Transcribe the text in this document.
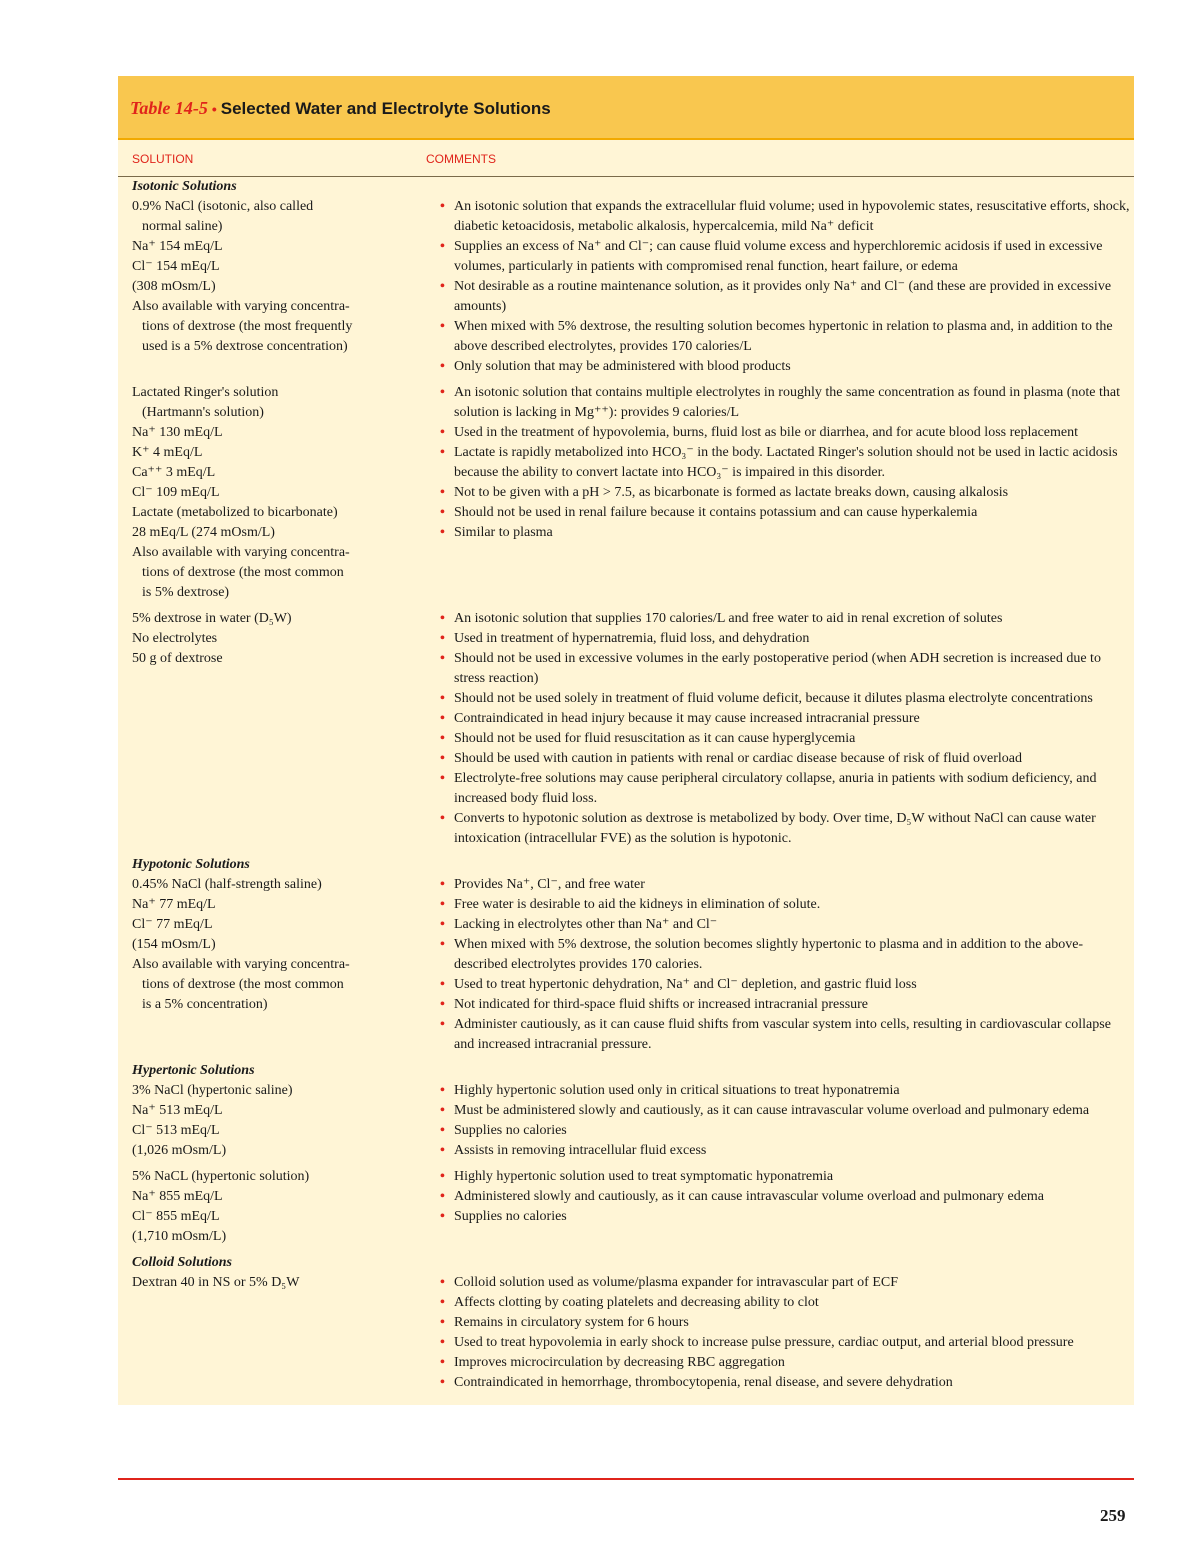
Table 14-5 • Selected Water and Electrolyte Solutions
SOLUTION	COMMENTS
Isotonic Solutions
0.9% NaCl (isotonic, also called
normal saline)
Na⁺ 154 mEq/L
Cl⁻ 154 mEq/L
(308 mOsm/L)
Also available with varying concentra-
tions of dextrose (the most frequently
used is a 5% dextrose concentration)
• An isotonic solution that expands the extracellular fluid volume; used in hypovolemic states, resuscitative efforts, shock, diabetic ketoacidosis, metabolic alkalosis, hypercalcemia, mild Na⁺ deficit
• Supplies an excess of Na⁺ and Cl⁻; can cause fluid volume excess and hyperchloremic acidosis if used in excessive volumes, particularly in patients with compromised renal function, heart failure, or edema
• Not desirable as a routine maintenance solution, as it provides only Na⁺ and Cl⁻ (and these are provided in excessive amounts)
• When mixed with 5% dextrose, the resulting solution becomes hypertonic in relation to plasma and, in addition to the above described electrolytes, provides 170 calories/L
• Only solution that may be administered with blood products
Lactated Ringer's solution
(Hartmann's solution)
Na⁺ 130 mEq/L
K⁺ 4 mEq/L
Ca⁺⁺ 3 mEq/L
Cl⁻ 109 mEq/L
Lactate (metabolized to bicarbonate)
28 mEq/L (274 mOsm/L)
Also available with varying concentra-
tions of dextrose (the most common
is 5% dextrose)
• An isotonic solution that contains multiple electrolytes in roughly the same concentration as found in plasma (note that solution is lacking in Mg⁺⁺): provides 9 calories/L
• Used in the treatment of hypovolemia, burns, fluid lost as bile or diarrhea, and for acute blood loss replacement
• Lactate is rapidly metabolized into HCO₃⁻ in the body. Lactated Ringer's solution should not be used in lactic acidosis because the ability to convert lactate into HCO₃⁻ is impaired in this disorder.
• Not to be given with a pH > 7.5, as bicarbonate is formed as lactate breaks down, causing alkalosis
• Should not be used in renal failure because it contains potassium and can cause hyperkalemia
• Similar to plasma
5% dextrose in water (D₅W)
No electrolytes
50 g of dextrose
• An isotonic solution that supplies 170 calories/L and free water to aid in renal excretion of solutes
• Used in treatment of hypernatremia, fluid loss, and dehydration
• Should not be used in excessive volumes in the early postoperative period (when ADH secretion is increased due to stress reaction)
• Should not be used solely in treatment of fluid volume deficit, because it dilutes plasma electrolyte concentrations
• Contraindicated in head injury because it may cause increased intracranial pressure
• Should not be used for fluid resuscitation as it can cause hyperglycemia
• Should be used with caution in patients with renal or cardiac disease because of risk of fluid overload
• Electrolyte-free solutions may cause peripheral circulatory collapse, anuria in patients with sodium deficiency, and increased body fluid loss.
• Converts to hypotonic solution as dextrose is metabolized by body. Over time, D₅W without NaCl can cause water intoxication (intracellular FVE) as the solution is hypotonic.
Hypotonic Solutions
0.45% NaCl (half-strength saline)
Na⁺ 77 mEq/L
Cl⁻ 77 mEq/L
(154 mOsm/L)
Also available with varying concentra-
tions of dextrose (the most common
is a 5% concentration)
• Provides Na⁺, Cl⁻, and free water
• Free water is desirable to aid the kidneys in elimination of solute.
• Lacking in electrolytes other than Na⁺ and Cl⁻
• When mixed with 5% dextrose, the solution becomes slightly hypertonic to plasma and in addition to the above-described electrolytes provides 170 calories.
• Used to treat hypertonic dehydration, Na⁺ and Cl⁻ depletion, and gastric fluid loss
• Not indicated for third-space fluid shifts or increased intracranial pressure
• Administer cautiously, as it can cause fluid shifts from vascular system into cells, resulting in cardiovascular collapse and increased intracranial pressure.
Hypertonic Solutions
3% NaCl (hypertonic saline)
Na⁺ 513 mEq/L
Cl⁻ 513 mEq/L
(1,026 mOsm/L)
• Highly hypertonic solution used only in critical situations to treat hyponatremia
• Must be administered slowly and cautiously, as it can cause intravascular volume overload and pulmonary edema
• Supplies no calories
• Assists in removing intracellular fluid excess
5% NaCL (hypertonic solution)
Na⁺ 855 mEq/L
Cl⁻ 855 mEq/L
(1,710 mOsm/L)
• Highly hypertonic solution used to treat symptomatic hyponatremia
• Administered slowly and cautiously, as it can cause intravascular volume overload and pulmonary edema
• Supplies no calories
Colloid Solutions
Dextran 40 in NS or 5% D₅W	• Colloid solution used as volume/plasma expander for intravascular part of ECF
• Affects clotting by coating platelets and decreasing ability to clot
• Remains in circulatory system for 6 hours
• Used to treat hypovolemia in early shock to increase pulse pressure, cardiac output, and arterial blood pressure
• Improves microcirculation by decreasing RBC aggregation
• Contraindicated in hemorrhage, thrombocytopenia, renal disease, and severe dehydration
259
